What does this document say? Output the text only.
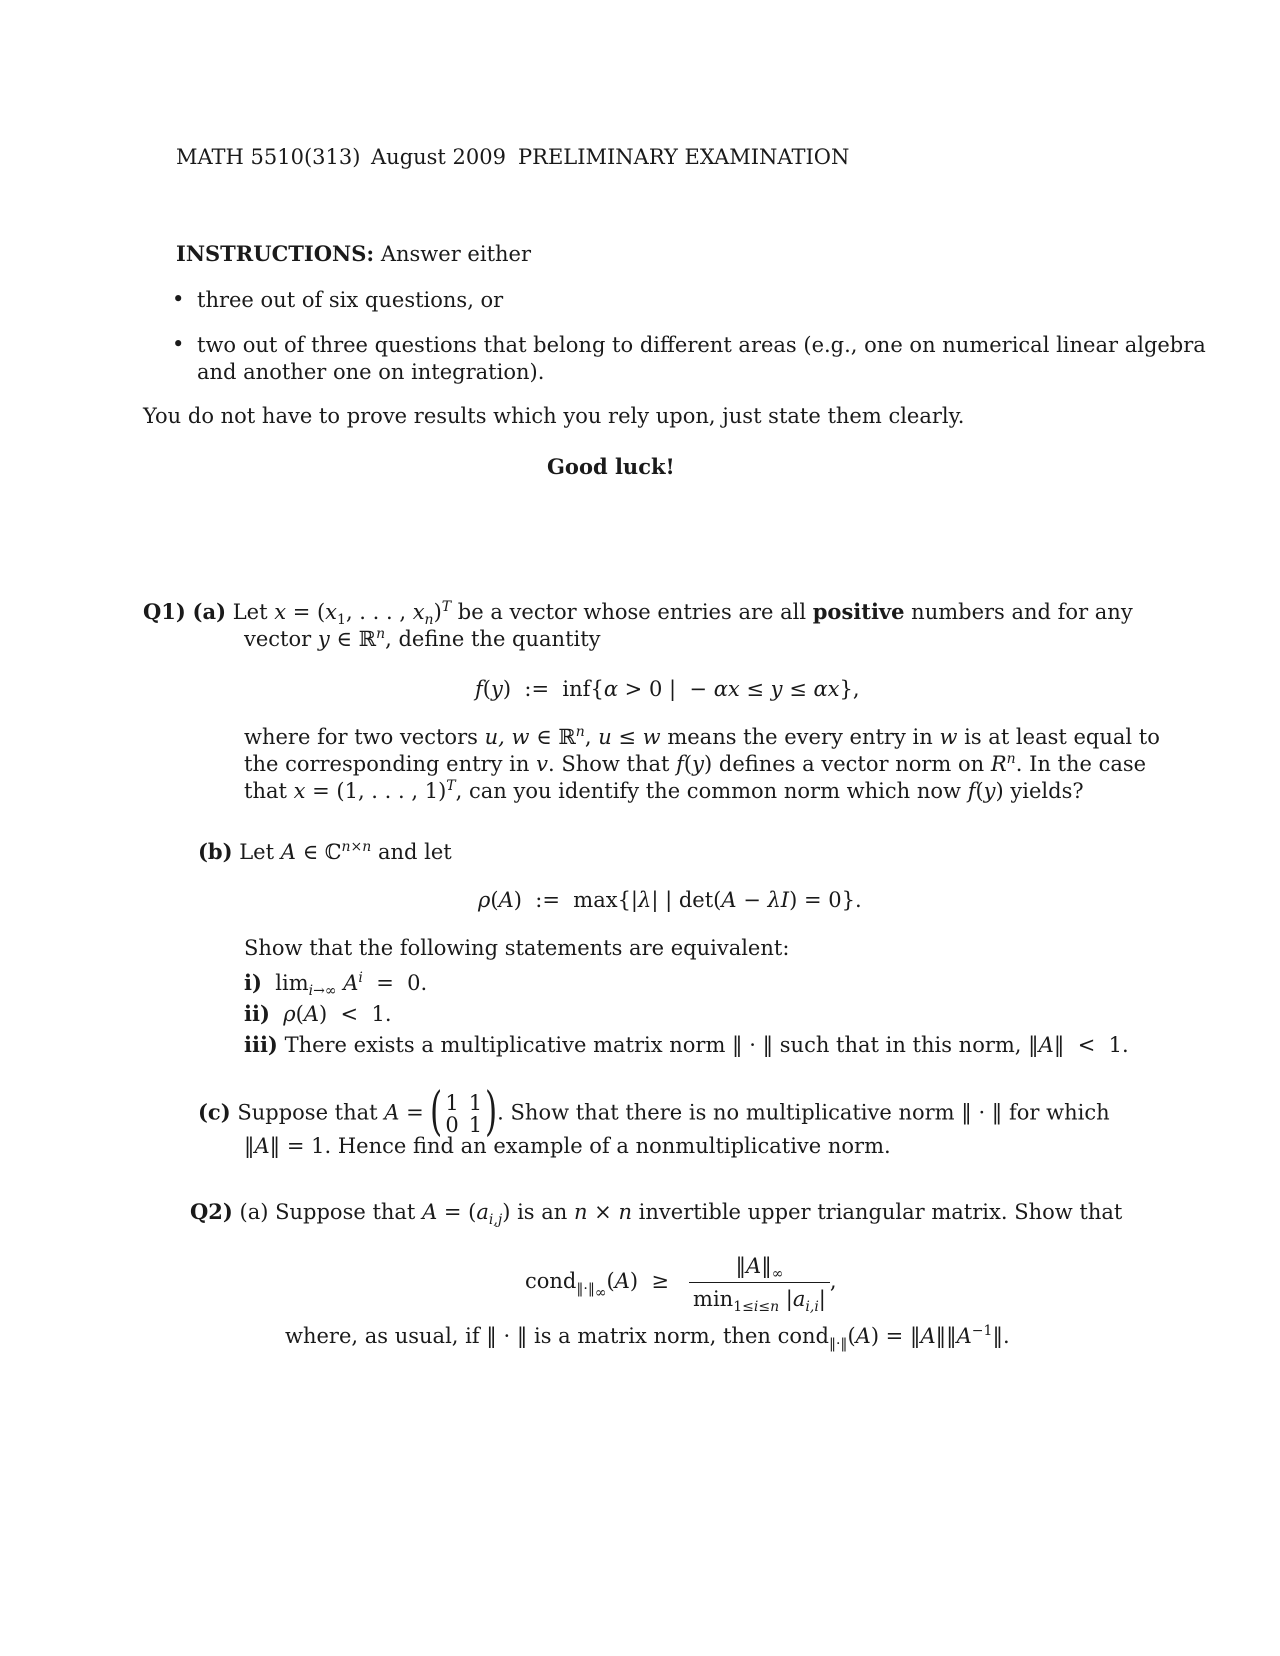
MATH 5510(313) August 2009 PRELIMINARY EXAMINATION
INSTRUCTIONS: Answer either
• three out of six questions, or
• two out of three questions that belong to different areas (e.g., one on numerical linear algebra
and another one on integration).
You do not have to prove results which you rely upon, just state them clearly.
Good luck!
Q1) (a) Let $x = (x_1$, . . . , $x_n)^T$ be a vector whose entries are all positive numbers and for any
vector y ∈ ℝ$^n$, define the quantity
f(y)  :=  inf{α > 0 |  − αx ≤ y ≤ αx},
where for two vectors u, w ∈ ℝ$^n$, u ≤ w means the every entry in w is at least equal to
the corresponding entry in v. Show that f(y) defines a vector norm on $R^n$. In the case
that x = (1, . . . , 1)$^T$, can you identify the common norm which now f(y) yields?
(b) Let A ∈ ℂ$^{n\times n}$ and let
ρ(A)  :=  max{|λ| | det(A − λI) = 0}.
Show that the following statements are equivalent:
i)  $\lim_{i\to\infty} A^i = 0$.
ii) ρ(A)  <  1.
iii) There exists a multiplicative matrix norm ‖ · ‖ such that in this norm, ‖A‖  <  1.
(c) Suppose that A = ( 1	1
0	1 ) . Show that there is no multiplicative norm ‖ · ‖ for which
‖A‖ = 1. Hence find an example of a nonmultiplicative norm.
Q2) (a) Suppose that $A = (a_{i,j})$ is an n × n invertible upper triangular matrix. Show that
cond$_{‖\cdot‖_\infty}$(A)  ≥ $\frac{‖A‖_\infty}{\min_{1\le i\le n} |a_{i,i}|}$ ,
where, as usual, if ‖ · ‖ is a matrix norm, then cond$_{‖\cdot‖}$(A) = $‖A‖‖A^{-1}‖$.
